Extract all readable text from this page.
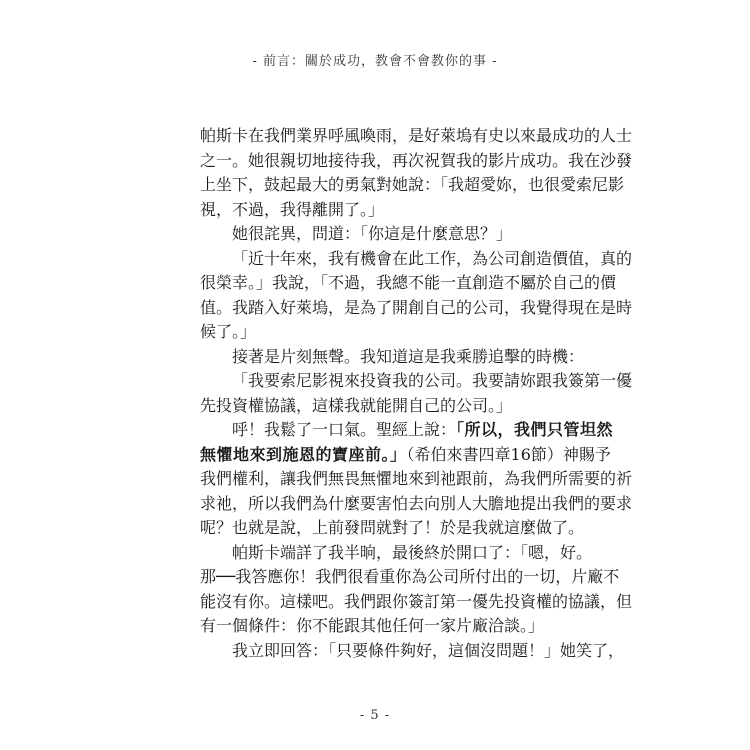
- 前言：關於成功，教會不會教你的事 -

帕斯卡在我們業界呼風喚雨，是好萊塢有史以來最成功的人士
之一。她很親切地接待我，再次祝賀我的影片成功。我在沙發
上坐下，鼓起最大的勇氣對她說：「我超愛妳，也很愛索尼影
視，不過，我得離開了。」

她很詫異，問道：「你這是什麼意思？」

「近十年來，我有機會在此工作，為公司創造價值，真的
很榮幸。」我說，「不過，我總不能一直創造不屬於自己的價
值。我踏入好萊塢，是為了開創自己的公司，我覺得現在是時
候了。」

接著是片刻無聲。我知道這是我乘勝追擊的時機：

「我要索尼影視來投資我的公司。我要請妳跟我簽第一優
先投資權協議，這樣我就能開自己的公司。」

呼！我鬆了一口氣。聖經上說：「所以，我們只管坦然
無懼地來到施恩的寶座前。」（希伯來書四章16節）神賜予
我們權利，讓我們無畏無懼地來到祂跟前，為我們所需要的祈
求祂，所以我們為什麼要害怕去向別人大膽地提出我們的要求
呢？也就是說，上前發問就對了！於是我就這麼做了。

帕斯卡端詳了我半晌，最後終於開口了：「嗯，好。
那──我答應你！我們很看重你為公司所付出的一切，片廠不
能沒有你。這樣吧。我們跟你簽訂第一優先投資權的協議，但
有一個條件：你不能跟其他任何一家片廠洽談。」

我立即回答：「只要條件夠好，這個沒問題！」她笑了，

- 5 -
